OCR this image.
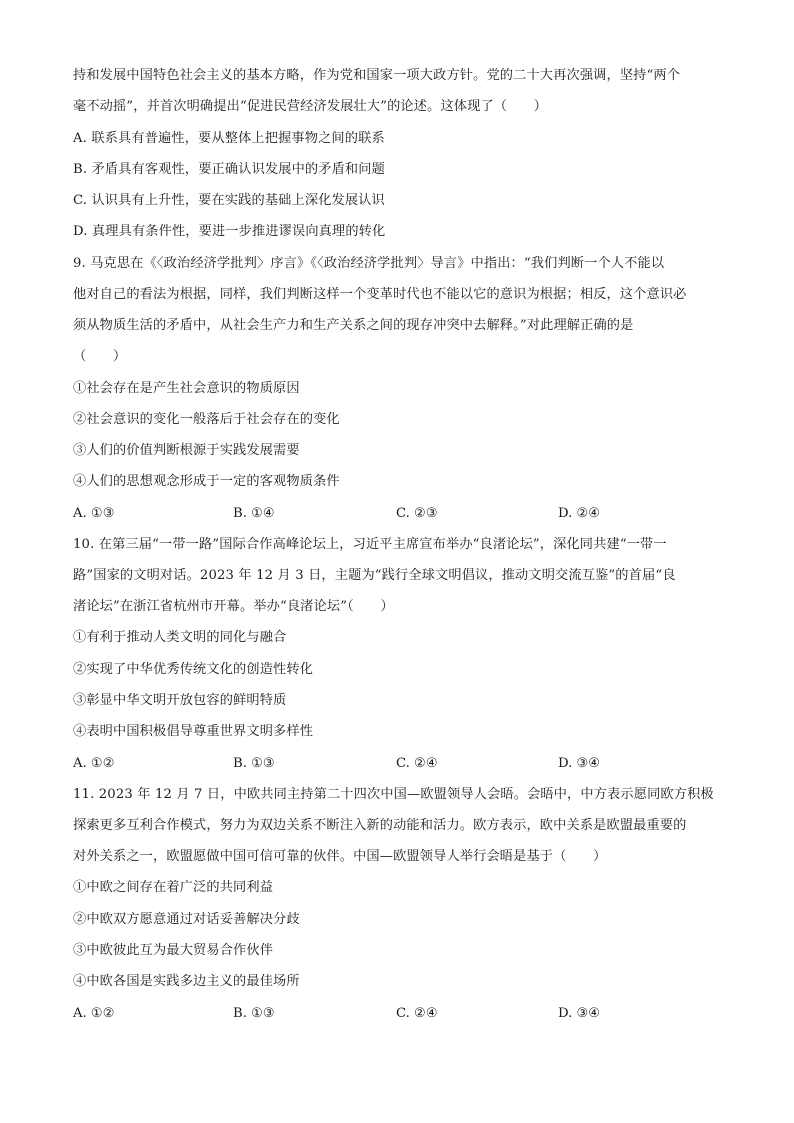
持和发展中国特色社会主义的基本方略，作为党和国家一项大政方针。党的二十大再次强调，坚持“两个
毫不动摇”，并首次明确提出“促进民营经济发展壮大”的论述。这体现了（　　）
A. 联系具有普遍性，要从整体上把握事物之间的联系
B. 矛盾具有客观性，要正确认识发展中的矛盾和问题
C. 认识具有上升性，要在实践的基础上深化发展认识
D. 真理具有条件性，要进一步推进谬误向真理的转化
9. 马克思在《〈政治经济学批判〉序言》《〈政治经济学批判〉导言》中指出：“我们判断一个人不能以
他对自己的看法为根据，同样，我们判断这样一个变革时代也不能以它的意识为根据；相反，这个意识必
须从物质生活的矛盾中，从社会生产力和生产关系之间的现存冲突中去解释。”对此理解正确的是
（　　）
①社会存在是产生社会意识的物质原因
②社会意识的变化一般落后于社会存在的变化
③人们的价值判断根源于实践发展需要
④人们的思想观念形成于一定的客观物质条件
A. ①③	B. ①④	C. ②③	D. ②④
10. 在第三届“一带一路”国际合作高峰论坛上，习近平主席宣布举办“良渚论坛”，深化同共建“一带一
路”国家的文明对话。2023 年 12 月 3 日，主题为“践行全球文明倡议，推动文明交流互鉴”的首届“良
渚论坛”在浙江省杭州市开幕。举办“良渚论坛”（　　）
①有利于推动人类文明的同化与融合
②实现了中华优秀传统文化的创造性转化
③彰显中华文明开放包容的鲜明特质
④表明中国积极倡导尊重世界文明多样性
A. ①②	B. ①③	C. ②④	D. ③④
11. 2023 年 12 月 7 日，中欧共同主持第二十四次中国—欧盟领导人会晤。会晤中，中方表示愿同欧方积极
探索更多互利合作模式，努力为双边关系不断注入新的动能和活力。欧方表示，欧中关系是欧盟最重要的
对外关系之一，欧盟愿做中国可信可靠的伙伴。中国—欧盟领导人举行会晤是基于（　　）
①中欧之间存在着广泛的共同利益
②中欧双方愿意通过对话妥善解决分歧
③中欧彼此互为最大贸易合作伙伴
④中欧各国是实践多边主义的最佳场所
A. ①②	B. ①③	C. ②④	D. ③④
